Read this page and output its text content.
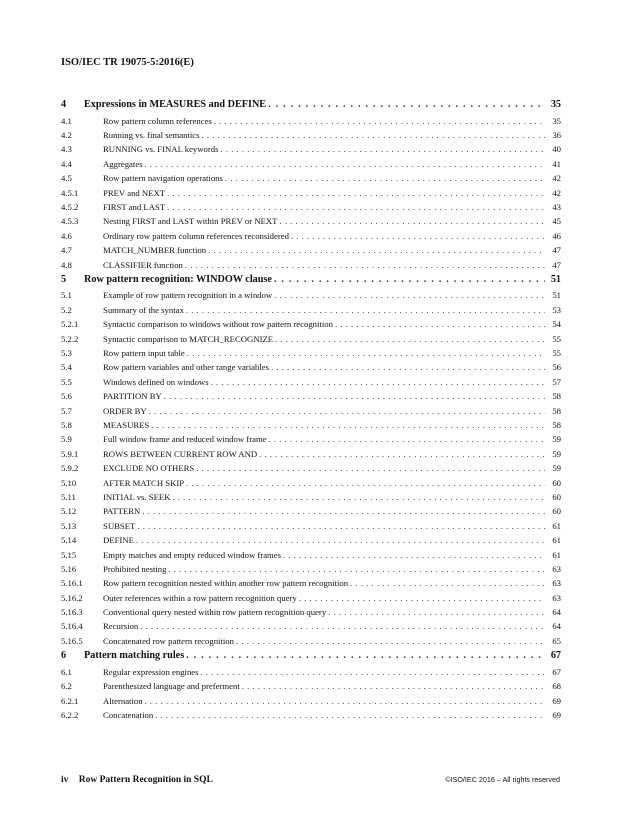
ISO/IEC TR 19075-5:2016(E)
4	Expressions in MEASURES and DEFINE . . .	35
4.1	Row pattern column references . . .	35
4.2	Running vs. final semantics . . .	36
4.3	RUNNING vs. FINAL keywords . . .	40
4.4	Aggregates . . .	41
4.5	Row pattern navigation operations . . .	42
4.5.1	PREV and NEXT . . .	42
4.5.2	FIRST and LAST . . .	43
4.5.3	Nesting FIRST and LAST within PREV or NEXT . . .	45
4.6	Ordinary row pattern column references reconsidered . . .	46
4.7	MATCH_NUMBER function . . .	47
4.8	CLASSIFIER function . . .	47
5	Row pattern recognition: WINDOW clause . . .	51
5.1	Example of row pattern recognition in a window . . .	51
5.2	Summary of the syntax . . .	53
5.2.1	Syntactic comparison to windows without row pattern recognition . . .	54
5.2.2	Syntactic comparison to MATCH_RECOGNIZE . . .	55
5.3	Row pattern input table . . .	55
5.4	Row pattern variables and other range variables . . .	56
5.5	Windows defined on windows . . .	57
5.6	PARTITION BY . . .	58
5.7	ORDER BY . . .	58
5.8	MEASURES . . .	58
5.9	Full window frame and reduced window frame . . .	59
5.9.1	ROWS BETWEEN CURRENT ROW AND . . .	59
5.9.2	EXCLUDE NO OTHERS . . .	59
5.10	AFTER MATCH SKIP . . .	60
5.11	INITIAL vs. SEEK . . .	60
5.12	PATTERN . . .	60
5.13	SUBSET . . .	61
5.14	DEFINE . . .	61
5.15	Empty matches and empty reduced window frames . . .	61
5.16	Prohibited nesting . . .	63
5.16.1	Row pattern recognition nested within another row pattern recognition . . .	63
5.16.2	Outer references within a row pattern recognition query . . .	63
5.16.3	Conventional query nested within row pattern recognition query . . .	64
5.16.4	Recursion . . .	64
5.16.5	Concatenated row pattern recognition . . .	65
6	Pattern matching rules . . .	67
6.1	Regular expression engines . . .	67
6.2	Parenthesized language and preferment . . .	68
6.2.1	Alternation . . .	69
6.2.2	Concatenation . . .	69
iv Row Pattern Recognition in SQL	©ISO/IEC 2016 – All rights reserved
